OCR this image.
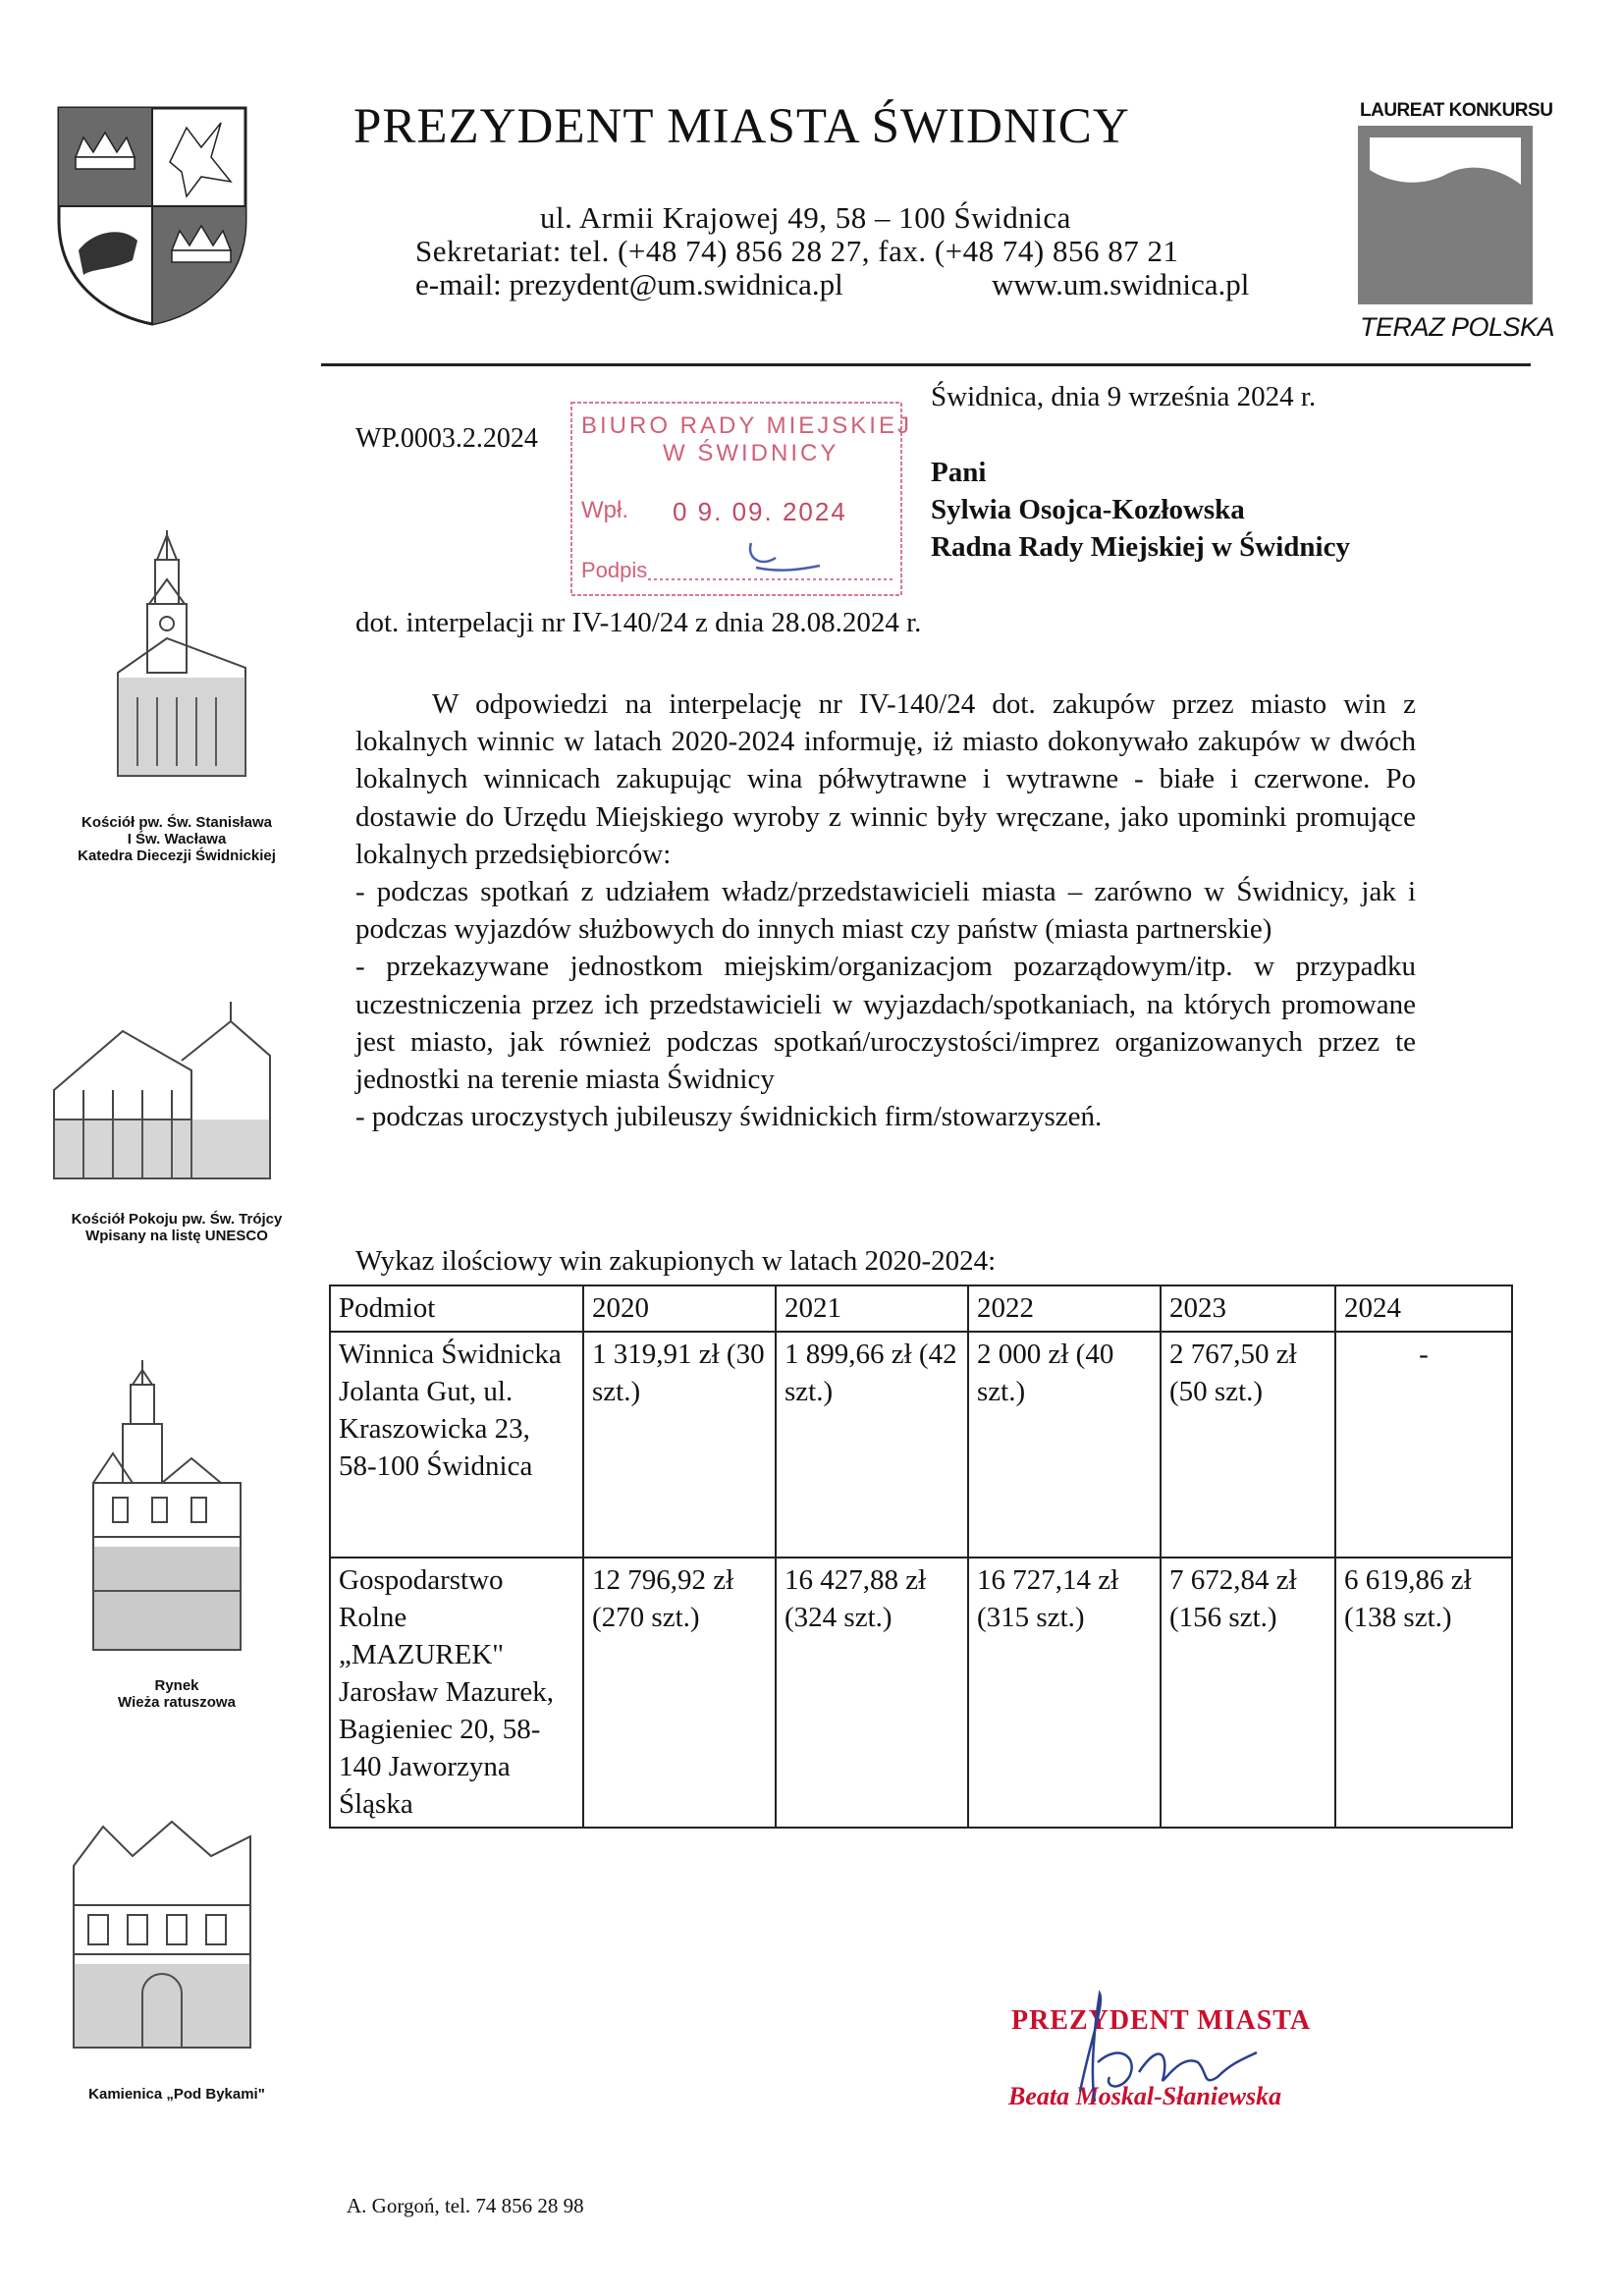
PREZYDENT MIASTA ŚWIDNICY
ul. Armii Krajowej 49, 58 – 100 Świdnica
Sekretariat: tel. (+48 74) 856 28 27, fax. (+48 74) 856 87 21
e-mail: prezydent@um.swidnica.pl	www.um.swidnica.pl
LAUREAT KONKURSU
TERAZ POLSKA
Kościół pw. Św. Stanisława
I Św. Wacława
Katedra Diecezji Świdnickiej
Kościół Pokoju pw. Św. Trójcy
Wpisany na listę UNESCO
Rynek
Wieża ratuszowa
Kamienica „Pod Bykami"
WP.0003.2.2024 BIURO RADY MIEJSKIEJ
W ŚWIDNICY
Wpł. 0 9. 09. 2024
Podpis
Świdnica, dnia 9 września 2024 r.
Pani
Sylwia Osojca-Kozłowska
Radna Rady Miejskiej w Świdnicy
dot. interpelacji nr IV-140/24 z dnia 28.08.2024 r.

W odpowiedzi na interpelację nr IV-140/24 dot. zakupów przez miasto win z lokalnych winnic w latach 2020-2024 informuję, iż miasto dokonywało zakupów w dwóch lokalnych winnicach zakupując wina półwytrawne i wytrawne - białe i czerwone. Po dostawie do Urzędu Miejskiego wyroby z winnic były wręczane, jako upominki promujące lokalnych przedsiębiorców:

- podczas spotkań z udziałem władz/przedstawicieli miasta – zarówno w Świdnicy, jak i podczas wyjazdów służbowych do innych miast czy państw (miasta partnerskie)

- przekazywane jednostkom miejskim/organizacjom pozarządowym/itp. w przypadku uczestniczenia przez ich przedstawicieli w wyjazdach/spotkaniach, na których promowane jest miasto, jak również podczas spotkań/uroczystości/imprez organizowanych przez te jednostki na terenie miasta Świdnicy

- podczas uroczystych jubileuszy świdnickich firm/stowarzyszeń.

Wykaz ilościowy win zakupionych w latach 2020-2024:
Podmiot	2020	2021	2022	2023	2024
Winnica Świdnicka Jolanta Gut, ul. Kraszowicka 23, 58-100 Świdnica	1 319,91 zł (30 szt.)	1 899,66 zł (42 szt.)	2 000 zł (40 szt.)	2 767,50 zł (50 szt.)	-
Gospodarstwo Rolne „MAZUREK" Jarosław Mazurek, Bagieniec 20, 58-140 Jaworzyna Śląska	12 796,92 zł (270 szt.)	16 427,88 zł (324 szt.)	16 727,14 zł (315 szt.)	7 672,84 zł (156 szt.)	6 619,86 zł (138 szt.)
PREZYDENT MIASTA
Beata Moskal-Słaniewska
A. Gorgoń, tel. 74 856 28 98
